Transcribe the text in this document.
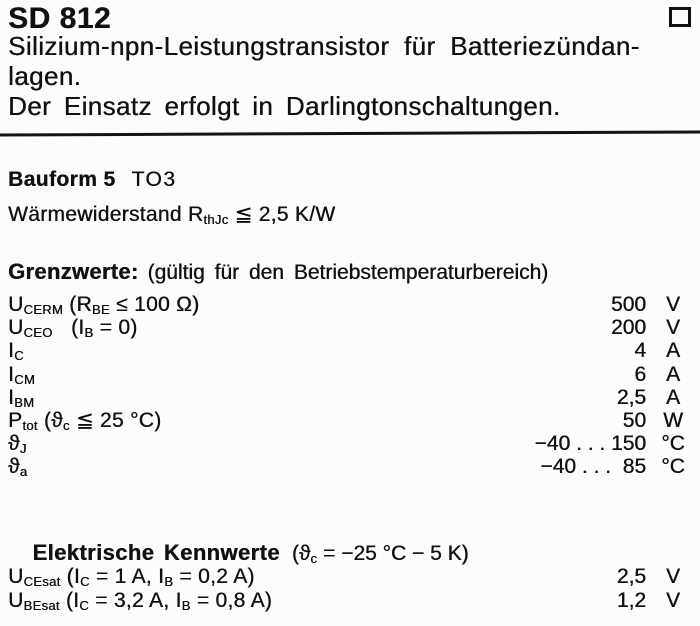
SD 812
Silizium-npn-Leistungstransistor für Batteriezündan-
lagen.
Der Einsatz erfolgt in Darlingtonschaltungen.
Bauform 5 TO3
Wärmewiderstand $R_{thJc}$ ≦ 2,5 K/W
Grenzwerte: (gültig für den Betriebstemperaturbereich)
$U_{CERM}$ ($R_{BE} \le 100$ Ω)	500 V
$U_{CEO}$   $(I_B = 0)$	200 V
$I_C$	4 A
$I_{CM}$	6 A
$I_{BM}$	2,5 A
$P_{tot}$ ($ϑ_c$ ≦ 25 °C)	50 W
$ϑ_J$	−40 . . . 150 °C
$ϑ_a$	−40 . . .  85 °C

Elektrische Kennwerte ($ϑ_c = -25$ °C − 5 K)

$U_{CEsat}$ ($I_C = 1$ A, $I_B = 0,2$ A)	2,5 V
$U_{BEsat}$ ($I_C = 3,2$ A, $I_B = 0,8$ A)	1,2 V
